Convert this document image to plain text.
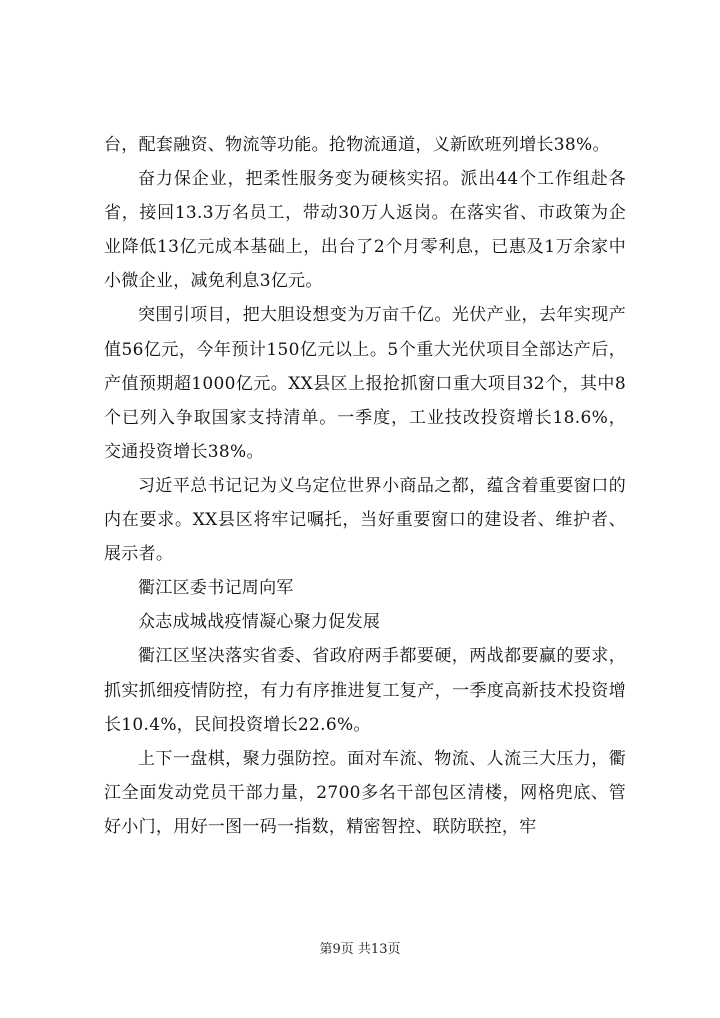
台，配套融资、物流等功能。抢物流通道，义新欧班列增长38%。

奋力保企业，把柔性服务变为硬核实招。派出44个工作组赴各省，接回13.3万名员工，带动30万人返岗。在落实省、市政策为企业降低13亿元成本基础上，出台了2个月零利息，已惠及1万余家中小微企业，减免利息3亿元。

突围引项目，把大胆设想变为万亩千亿。光伏产业，去年实现产值56亿元，今年预计150亿元以上。5个重大光伏项目全部达产后，产值预期超1000亿元。XX县区上报抢抓窗口重大项目32个，其中8个已列入争取国家支持清单。一季度，工业技改投资增长18.6%，交通投资增长38%。

习近平总书记记为义乌定位世界小商品之都，蕴含着重要窗口的内在要求。XX县区将牢记嘱托，当好重要窗口的建设者、维护者、展示者。

衢江区委书记周向军

众志成城战疫情凝心聚力促发展

衢江区坚决落实省委、省政府两手都要硬，两战都要赢的要求，抓实抓细疫情防控，有力有序推进复工复产，一季度高新技术投资增长10.4%，民间投资增长22.6%。

上下一盘棋，聚力强防控。面对车流、物流、人流三大压力，衢江全面发动党员干部力量，2700多名干部包区清楼，网格兜底、管好小门，用好一图一码一指数，精密智控、联防联控，牢

第9页 共13页
